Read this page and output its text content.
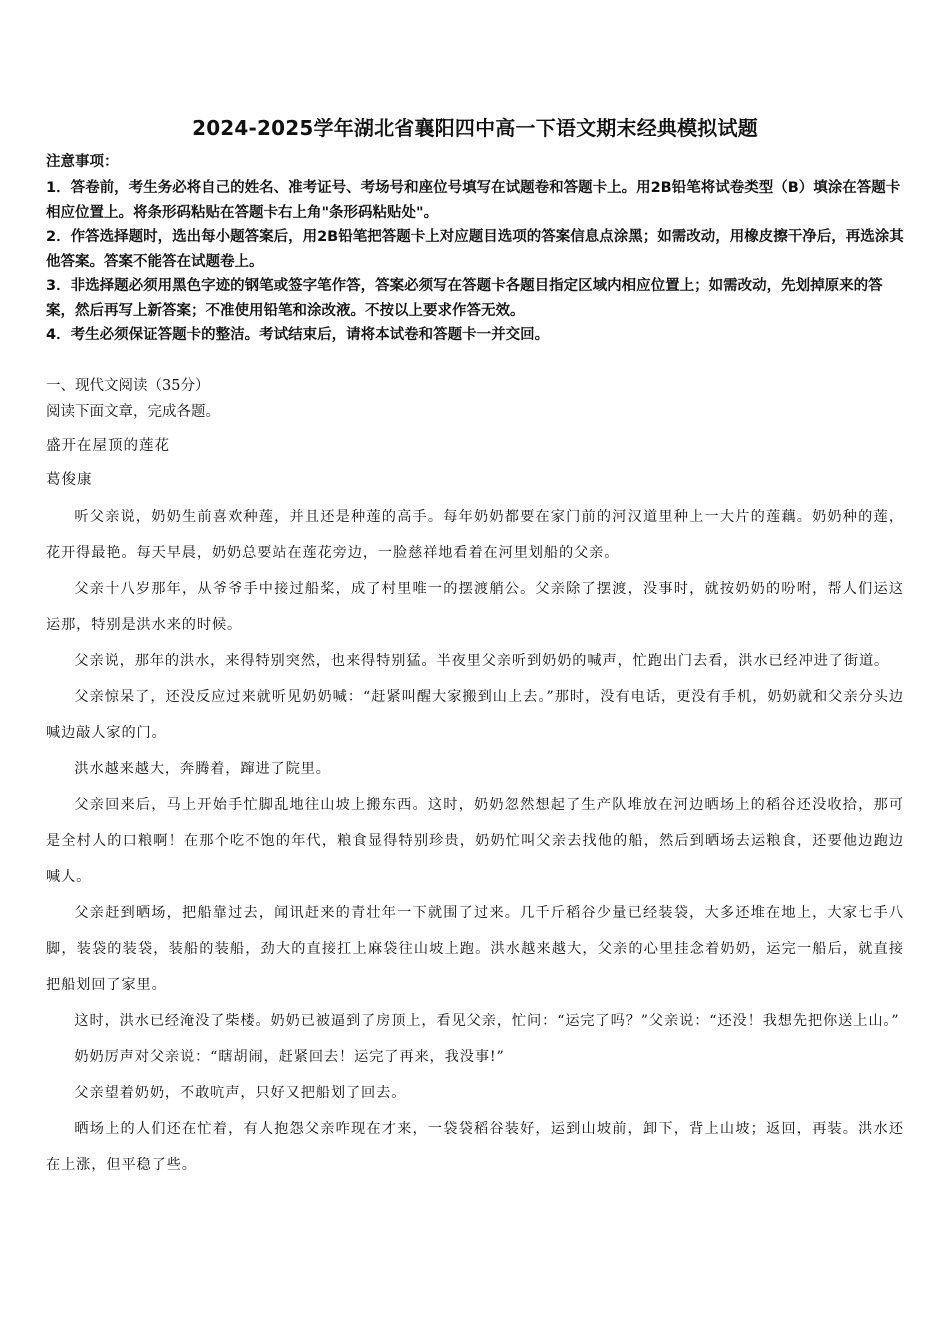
2024-2025学年湖北省襄阳四中高一下语文期末经典模拟试题
注意事项：
1．答卷前，考生务必将自己的姓名、准考证号、考场号和座位号填写在试题卷和答题卡上。用2B铅笔将试卷类型（B）填涂在答题卡相应位置上。将条形码粘贴在答题卡右上角"条形码粘贴处"。
2．作答选择题时，选出每小题答案后，用2B铅笔把答题卡上对应题目选项的答案信息点涂黑；如需改动，用橡皮擦干净后，再选涂其他答案。答案不能答在试题卷上。
3．非选择题必须用黑色字迹的钢笔或签字笔作答，答案必须写在答题卡各题目指定区域内相应位置上；如需改动，先划掉原来的答案，然后再写上新答案；不准使用铅笔和涂改液。不按以上要求作答无效。
4．考生必须保证答题卡的整洁。考试结束后，请将本试卷和答题卡一并交回。
一、现代文阅读（35分）
阅读下面文章，完成各题。
盛开在屋顶的莲花
葛俊康

听父亲说，奶奶生前喜欢种莲，并且还是种莲的高手。每年奶奶都要在家门前的河汉道里种上一大片的莲藕。奶奶种的莲，花开得最艳。每天早晨，奶奶总要站在莲花旁边，一脸慈祥地看着在河里划船的父亲。

父亲十八岁那年，从爷爷手中接过船桨，成了村里唯一的摆渡艄公。父亲除了摆渡，没事时，就按奶奶的吩咐，帮人们运这运那，特别是洪水来的时候。

父亲说，那年的洪水，来得特别突然，也来得特别猛。半夜里父亲听到奶奶的喊声，忙跑出门去看，洪水已经冲进了街道。

父亲惊呆了，还没反应过来就听见奶奶喊：“赶紧叫醒大家搬到山上去。”那时，没有电话，更没有手机，奶奶就和父亲分头边喊边敲人家的门。

洪水越来越大，奔腾着，蹿进了院里。

父亲回来后，马上开始手忙脚乱地往山坡上搬东西。这时，奶奶忽然想起了生产队堆放在河边晒场上的稻谷还没收拾，那可是全村人的口粮啊！在那个吃不饱的年代，粮食显得特别珍贵，奶奶忙叫父亲去找他的船，然后到晒场去运粮食，还要他边跑边喊人。

父亲赶到晒场，把船靠过去，闻讯赶来的青壮年一下就围了过来。几千斤稻谷少量已经装袋，大多还堆在地上，大家七手八脚，装袋的装袋，装船的装船，劲大的直接扛上麻袋往山坡上跑。洪水越来越大，父亲的心里挂念着奶奶，运完一船后，就直接把船划回了家里。

这时，洪水已经淹没了柴楼。奶奶已被逼到了房顶上，看见父亲，忙问：“运完了吗？”父亲说：“还没！我想先把你送上山。”

奶奶厉声对父亲说：“瞎胡闹，赶紧回去！运完了再来，我没事!”

父亲望着奶奶，不敢吭声，只好又把船划了回去。

晒场上的人们还在忙着，有人抱怨父亲咋现在才来，一袋袋稻谷装好，运到山坡前，卸下，背上山坡；返回，再装。洪水还在上涨，但平稳了些。
